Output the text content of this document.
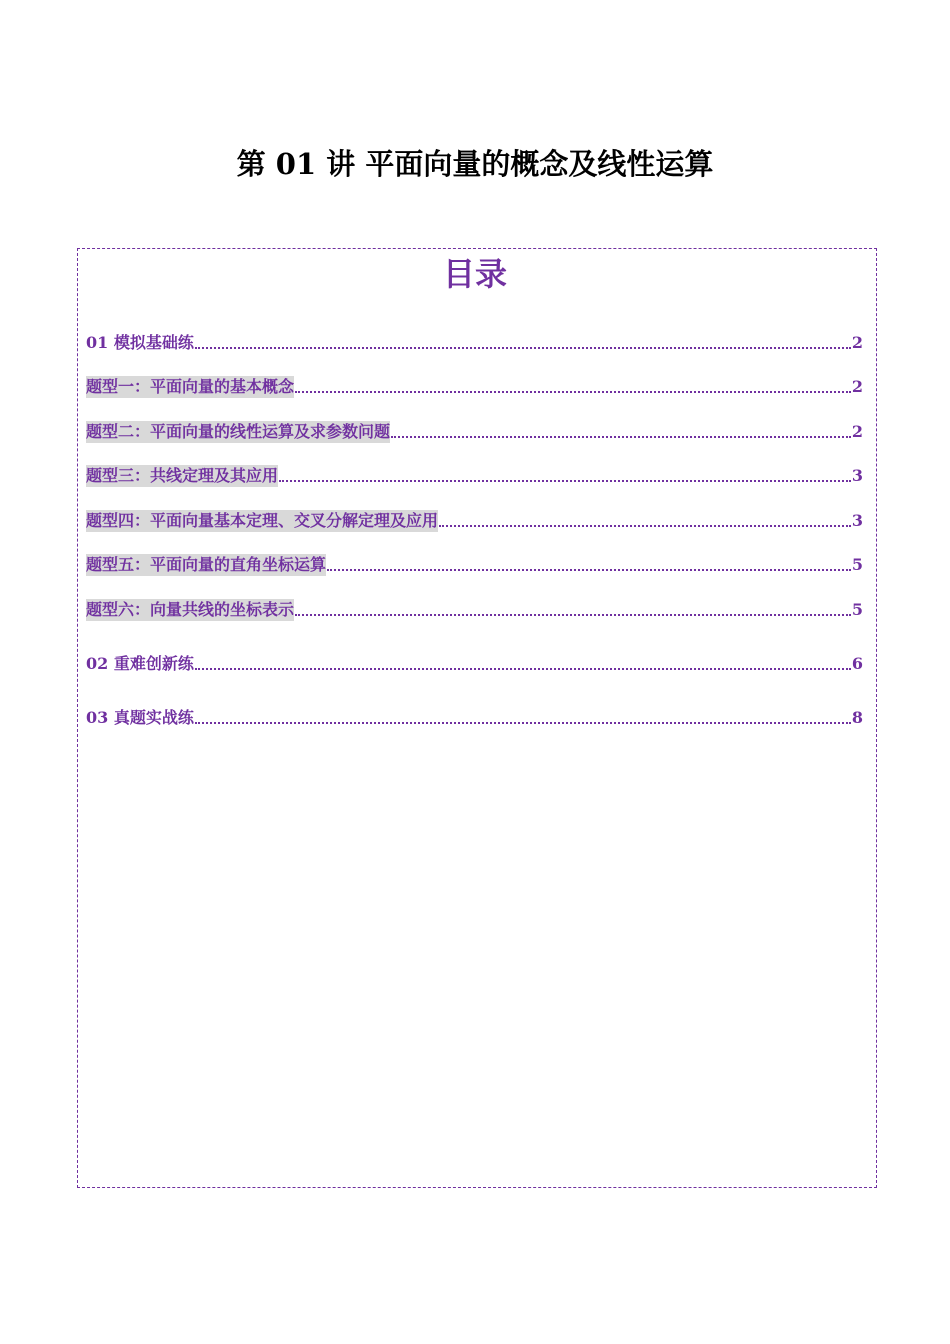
第 01 讲 平面向量的概念及线性运算
目录
01 模拟基础练	2
题型一：平面向量的基本概念	2
题型二：平面向量的线性运算及求参数问题	2
题型三：共线定理及其应用	3
题型四：平面向量基本定理、交叉分解定理及应用	3
题型五：平面向量的直角坐标运算	5
题型六：向量共线的坐标表示	5
02 重难创新练	6
03 真题实战练	8
